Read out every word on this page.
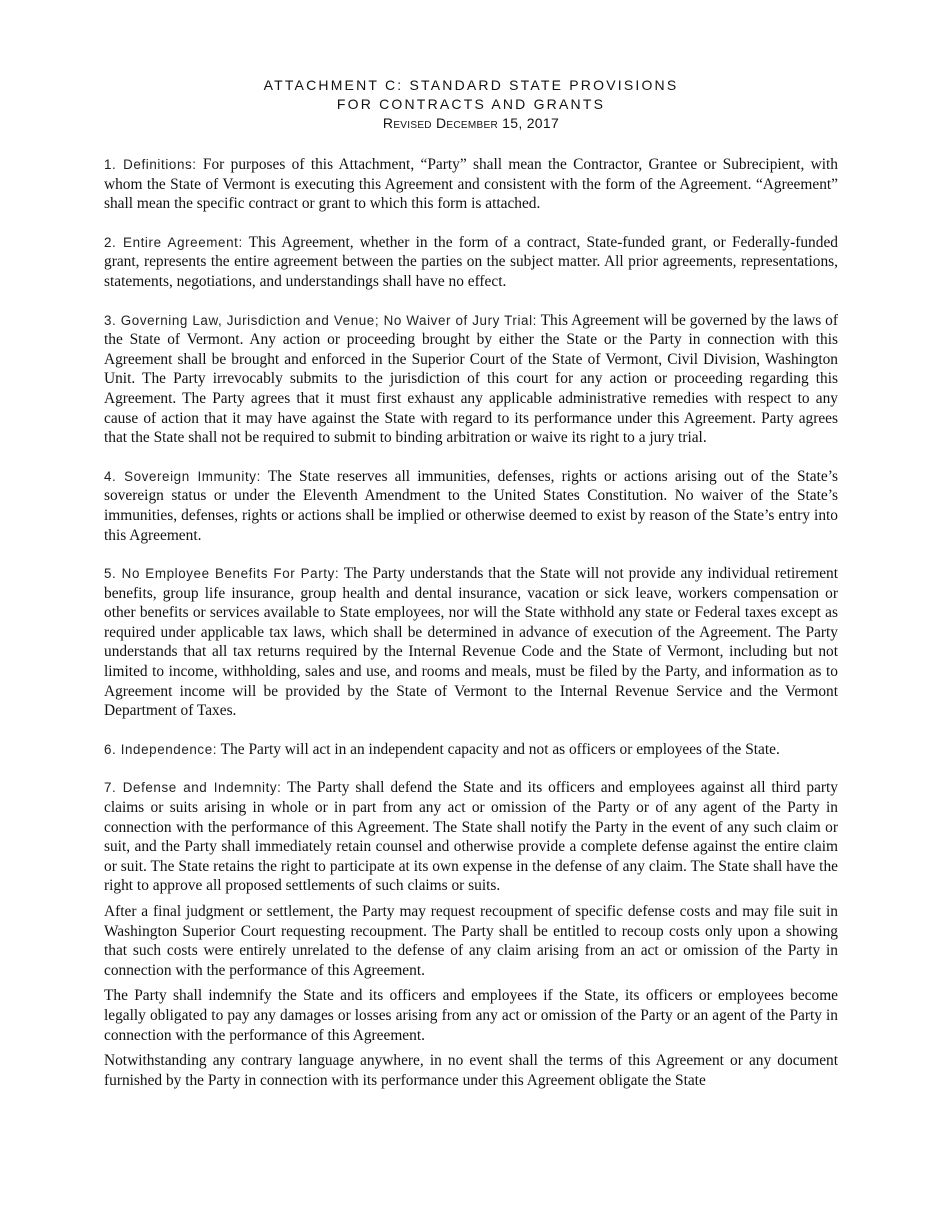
ATTACHMENT C: STANDARD STATE PROVISIONS
FOR CONTRACTS AND GRANTS
Revised December 15, 2017

1. Definitions: For purposes of this Attachment, “Party” shall mean the Contractor, Grantee or Subrecipient, with whom the State of Vermont is executing this Agreement and consistent with the form of the Agreement. “Agreement” shall mean the specific contract or grant to which this form is attached.

2. Entire Agreement: This Agreement, whether in the form of a contract, State-funded grant, or Federally-funded grant, represents the entire agreement between the parties on the subject matter. All prior agreements, representations, statements, negotiations, and understandings shall have no effect.

3. Governing Law, Jurisdiction and Venue; No Waiver of Jury Trial: This Agreement will be governed by the laws of the State of Vermont. Any action or proceeding brought by either the State or the Party in connection with this Agreement shall be brought and enforced in the Superior Court of the State of Vermont, Civil Division, Washington Unit. The Party irrevocably submits to the jurisdiction of this court for any action or proceeding regarding this Agreement. The Party agrees that it must first exhaust any applicable administrative remedies with respect to any cause of action that it may have against the State with regard to its performance under this Agreement. Party agrees that the State shall not be required to submit to binding arbitration or waive its right to a jury trial.

4. Sovereign Immunity: The State reserves all immunities, defenses, rights or actions arising out of the State’s sovereign status or under the Eleventh Amendment to the United States Constitution. No waiver of the State’s immunities, defenses, rights or actions shall be implied or otherwise deemed to exist by reason of the State’s entry into this Agreement.

5. No Employee Benefits For Party: The Party understands that the State will not provide any individual retirement benefits, group life insurance, group health and dental insurance, vacation or sick leave, workers compensation or other benefits or services available to State employees, nor will the State withhold any state or Federal taxes except as required under applicable tax laws, which shall be determined in advance of execution of the Agreement. The Party understands that all tax returns required by the Internal Revenue Code and the State of Vermont, including but not limited to income, withholding, sales and use, and rooms and meals, must be filed by the Party, and information as to Agreement income will be provided by the State of Vermont to the Internal Revenue Service and the Vermont Department of Taxes.

6. Independence: The Party will act in an independent capacity and not as officers or employees of the State.

7. Defense and Indemnity: The Party shall defend the State and its officers and employees against all third party claims or suits arising in whole or in part from any act or omission of the Party or of any agent of the Party in connection with the performance of this Agreement. The State shall notify the Party in the event of any such claim or suit, and the Party shall immediately retain counsel and otherwise provide a complete defense against the entire claim or suit. The State retains the right to participate at its own expense in the defense of any claim. The State shall have the right to approve all proposed settlements of such claims or suits.

After a final judgment or settlement, the Party may request recoupment of specific defense costs and may file suit in Washington Superior Court requesting recoupment. The Party shall be entitled to recoup costs only upon a showing that such costs were entirely unrelated to the defense of any claim arising from an act or omission of the Party in connection with the performance of this Agreement.

The Party shall indemnify the State and its officers and employees if the State, its officers or employees become legally obligated to pay any damages or losses arising from any act or omission of the Party or an agent of the Party in connection with the performance of this Agreement.

Notwithstanding any contrary language anywhere, in no event shall the terms of this Agreement or any document furnished by the Party in connection with its performance under this Agreement obligate the State
